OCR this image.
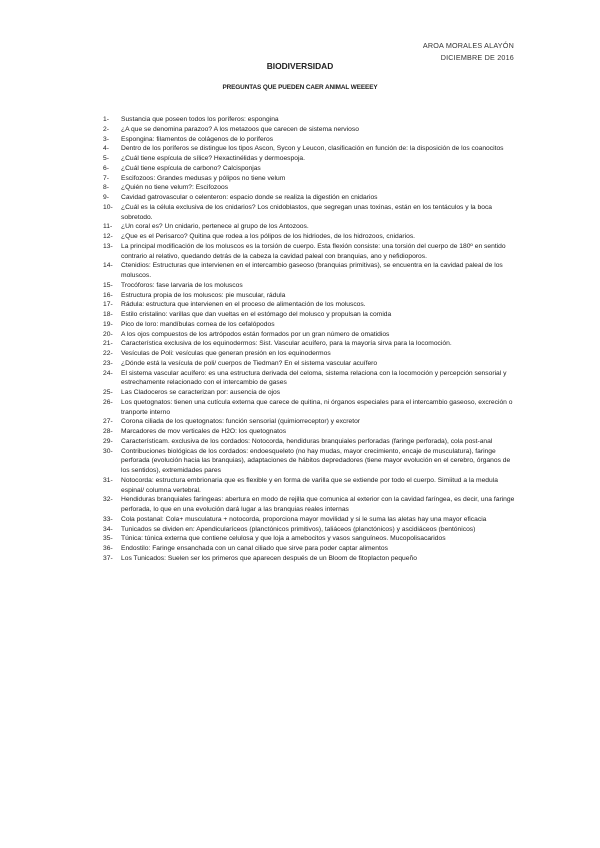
AROA MORALES ALAYÓN
DICIEMBRE DE 2016
BIODIVERSIDAD
PREGUNTAS QUE PUEDEN CAER ANIMAL WEEEEY
1-	Sustancia que poseen todos los poríferos: espongina
2-	¿A que se denomina parazoo? A los metazoos que carecen de sistema nervioso
3-	Espongina: filamentos de colágenos de lo poríferos
4-	Dentro de los poríferos se distingue los tipos Ascon, Sycon y Leucon, clasificación en función de: la disposición de los coanocitos
5-	¿Cuál tiene espícula de sílice? Hexactinélidas y dermoespoja.
6-	¿Cuál tiene espícula de carbono? Calcisponjas
7-	Escifozoos: Grandes medusas y pólipos no tiene velum
8-	¿Quién no tiene velum?: Escifozoos
9-	Cavidad gatrovascular o celenteron: espacio donde se realiza la digestión en cnidarios
10-	¿Cuál es la célula exclusiva de los cnidarios? Los cnidoblastos, que segregan unas toxinas, están en los tentáculos y la boca sobretodo.
11-	¿Un coral es? Un cnidario, pertenece al grupo de los Antozoos.
12-	¿Que es el Perisarco? Quitina que rodea a los pólipos de los hidriodes, de los hidrozoos, cnidarios.
13-	La principal modificación de los moluscos es la torsión de cuerpo. Esta flexión consiste: una torsión del cuerpo de 180º en sentido contrario al relativo, quedando detrás de la cabeza la cavidad paleal con branquias, ano y nefidioporos.
14-	Ctenidios: Estructuras que intervienen en el intercambio gaseoso (branquias primitivas), se encuentra en la cavidad paleal de los moluscos.
15-	Trocóforos: fase larvaria de los moluscos
16-	Estructura propia de los moluscos: pie muscular, rádula
17-	Rádula: estructura que intervienen en el proceso de alimentación de los moluscos.
18-	Estilo cristalino: varillas que dan vueltas en el estómago del molusco y propulsan la comida
19-	Pico de loro: mandíbulas cornea de los cefalópodos
20-	A los ojos compuestos de los artrópodos están formados por un gran número de omatidios
21-	Característica exclusiva de los equinodermos: Sist. Vascular acuífero, para la mayoría sirva para la locomoción.
22-	Vesículas de Poli: vesículas que generan presión en los equinodermos
23-	¿Dónde está la vesícula de poli/ cuerpos de Tiedman? En el sistema vascular acuífero
24-	El sistema vascular acuífero: es una estructura derivada del celoma, sistema relaciona con la locomoción y percepción sensorial y estrechamente relacionado con el intercambio de gases
25-	Las Cladoceros se caracterizan por: ausencia de ojos
26-	Los quetognatos: tienen una cutícula externa que carece de quitina, ni órganos especiales para el intercambio gaseoso, excreción o tranporte interno
27-	Corona ciliada de los quetognatos: función sensorial (quimiorreceptor) y excretor
28-	Marcadores de mov verticales de H2O: los quetognatos
29-	Característicam. exclusiva de los cordados: Notocorda, hendiduras branquiales perforadas (faringe perforada), cola post-anal
30-	Contribuciones biológicas de los cordados: endoesqueleto (no hay mudas, mayor crecimiento, encaje de musculatura), faringe perforada (evolución hacia las branquias), adaptaciones de hábitos depredadores (tiene mayor evolución en el cerebro, órganos de los sentidos), extremidades pares
31-	Notocorda: estructura embrionaria que es flexible y en forma de varilla que se extiende por todo el cuerpo. Simiitud a la medula espinal/ columna vertebral.
32-	Hendiduras branquiales faríngeas: abertura en modo de rejilla que comunica al exterior con la cavidad faríngea, es decir, una faringe perforada, lo que en una evolución dará lugar a las branquias reales internas
33-	Cola postanal: Cola+ musculatura + notocorda, proporciona mayor movilidad y si le suma las aletas hay una mayor eficacia
34-	Tunicados se dividen en: Apendicularíceos (planctónicos primitivos), taliáceos (planctónicos) y ascidiáceos (bentónicos)
35-	Túnica: túnica externa que contiene celulosa y que loja a amebocitos y vasos sanguíneos. Mucopolisacaridos
36-	Endostilo: Faringe ensanchada con un canal ciliado que sirve para poder captar alimentos
37-	Los Tunicados: Suelen ser los primeros que aparecen después de un Bloom de fitoplacton pequeño
